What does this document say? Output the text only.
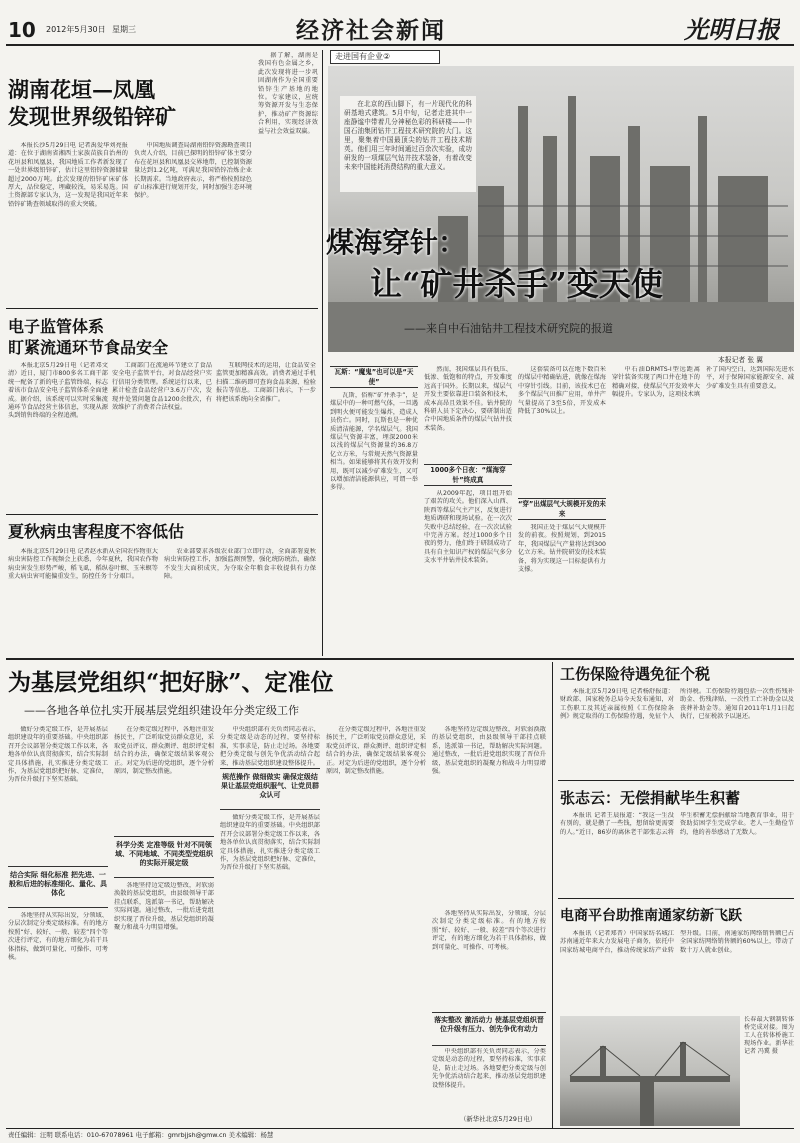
10 2012年5月30日 星期三	经济社会新闻	光明日报
湖南花垣—凤凰
发现世界级铅锌矿

本报长沙5月29日电 记者禹爱华刘亮报道：在位于湖南省湘西土家族苗族自治州的花垣县和凤凰县，我国地质工作者新发现了一处世界级铅锌矿，估计这里铅锌资源储量超过2000万吨。此次发现的铅锌矿床矿体厚大，品位稳定，埋藏较浅，易采易选。国土资源部专家认为，这一发现是我国近年来铅锌矿勘查领域取得的重大突破。

中国地质调查局湖南铅锌资源勘查项目负责人介绍，目前已探明的铅锌矿体主要分布在花垣县和凤凰县交界地带，已控制资源量达到1.2亿吨，可满足我国铅锌冶炼企业长期需求。当地政府表示，将严格按照绿色矿山标准进行规划开发，同时加强生态环境保护。

据了解，湖南是我国有色金属之乡，此次发现将进一步巩固湖南作为全国重要铅锌生产基地的地位。专家建议，应统筹资源开发与生态保护，推动矿产资源综合利用，实现经济效益与社会效益双赢。

电子监管体系
盯紧流通环节食品安全

本报北京5月29日电（记者邓文清）近日，厦门市800多名工商干部统一配备了新的电子监管终端，标志着该市食品安全电子监管体系全面建成。据介绍，该系统可以实时采集流通环节食品经营主体信息，实现从源头到销售终端的全程追溯。

工商部门在流通环节建立了食品安全电子监管平台，对食品经营户实行信用分类管理。系统运行以来，已累计检查食品经营户3.6万户次，发现并处置问题食品1200余批次，有效维护了消费者合法权益。

互联网技术的运用，让食品安全监管更加精准高效。消费者通过手机扫描二维码即可查询食品来源、检验报告等信息。工商部门表示，下一步将把该系统向全省推广。

夏秋病虫害程度不容低估

本报北京5月29日电 记者赵永新从全国农作物重大病虫害防控工作视频会上获悉，今年夏秋，我国农作物病虫害发生形势严峻，稻飞虱、稻纵卷叶螟、玉米螟等重大病虫害可能偏重发生，防控任务十分艰巨。

农业部要求各级农业部门立即行动，全面部署夏秋病虫害防控工作，加强监测预警，强化统防统治，确保不发生大面积成灾，为夺取全年粮食丰收提供有力保障。

走进国有企业②
在北京的西山脚下，有一片现代化的科研基地式建筑。5月中旬，记者走进其中一座静谧中带着几分神秘色彩的科研楼——中国石油集团钻井工程技术研究院的大门。这里，聚集着中国最顶尖的钻井工程技术精英。他们用三年时间通过百余次实验，成功研发的一项煤层气钻井技术装备，有着改变未来中国能耗消费结构的重大意义。
煤海穿针：
让“矿井杀手”变天使
——来自中石油钻井工程技术研究院的报道
本报记者 张 翼
瓦斯：“魔鬼”也可以是“天使”

瓦斯，俗称“矿井杀手”，是煤层中的一种可燃气体，一旦遇到明火便可能发生爆炸，造成人员伤亡。同时，瓦斯也是一种优质清洁能源，学名煤层气。我国煤层气资源丰富，埋深2000米以浅的煤层气资源量约36.8万亿立方米，与常规天然气资源量相当。如果能够将其有效开发利用，既可以减少矿难发生，又可以增加清洁能源供应，可谓一举多得。

然而，我国煤层具有低压、低渗、低饱和的特点，开发难度远高于国外。长期以来，煤层气开发主要依靠进口装备和技术，成本高昂且效果不佳。钻井院的科研人员下定决心，要研制出适合中国地质条件的煤层气钻井技术装备。

1000多个日夜：“煤海穿针”终成真

从2009年起，项目组开始了艰苦的攻关。他们深入山西、陕西等煤层气主产区，反复进行地质调研和现场试验。在一次次失败中总结经验，在一次次试验中完善方案。经过1000多个日夜的努力，他们终于研制成功了具有自主知识产权的煤层气多分支水平井钻井技术装备。

这套装备可以在地下数百米的煤层中精确钻进，就像在煤海中穿针引线。目前，该技术已在多个煤层气田推广应用，单井产气量提高了3至5倍，开发成本降低了30%以上。

“穿”出煤层气大规模开发的未来

我国正处于煤层气大规模开发的前夜。按照规划，到2015年，我国煤层气产量将达到300亿立方米。钻井院研发的技术装备，将为实现这一目标提供有力支撑。

中石油DRMTS-I型远距离穿针装备实现了两口井在地下的精确对接，使煤层气开发效率大幅提升。专家认为，这项技术填补了国内空白，达到国际先进水平，对于保障国家能源安全、减少矿难发生具有重要意义。

为基层党组织“把好脉”、定准位
——各地各单位扎实开展基层党组织建设年分类定级工作

做好分类定级工作，是开展基层组织建设年的重要基础。中央组织部召开会议部署分类定级工作以来，各地各单位认真贯彻落实，结合实际制定具体措施，扎实推进分类定级工作，为基层党组织把好脉、定准位，为晋位升级打下坚实基础。

结合实际 细化标准 把先进、一般和后进的标准细化、量化、具体化

各地坚持从实际出发，分领域、分层次制定分类定级标准。有的地方按照“好、较好、一般、较差”四个等次进行评定，有的地方细化为若干具体指标，做到可量化、可操作、可考核。

在分类定级过程中，各地注重发扬民主，广泛听取党员群众意见，采取党员评议、群众测评、组织评定相结合的办法，确保定级结果客观公正。对定为后进的党组织，逐个分析原因，制定整改措施。

科学分类 定准等级 针对不同领域、不同地域、不同类型党组织的实际开展定级

各地坚持边定级边整改，对软弱涣散的基层党组织，由县级领导干部挂点联系，选派第一书记，帮助解决实际问题。通过整改，一批后进党组织实现了晋位升级，基层党组织的凝聚力和战斗力明显增强。

中央组织部有关负责同志表示，分类定级是动态的过程，要坚持标准，实事求是，防止走过场。各地要把分类定级与创先争优活动结合起来，推动基层党组织建设整体提升。

规范操作 做细做实 确保定级结果让基层党组织服气、让党员群众认可

做好分类定级工作，是开展基层组织建设年的重要基础。中央组织部召开会议部署分类定级工作以来，各地各单位认真贯彻落实，结合实际制定具体措施，扎实推进分类定级工作，为基层党组织把好脉、定准位，为晋位升级打下坚实基础。

在分类定级过程中，各地注重发扬民主，广泛听取党员群众意见，采取党员评议、群众测评、组织评定相结合的办法，确保定级结果客观公正。对定为后进的党组织，逐个分析原因，制定整改措施。

各地坚持边定级边整改，对软弱涣散的基层党组织，由县级领导干部挂点联系，选派第一书记，帮助解决实际问题。通过整改，一批后进党组织实现了晋位升级，基层党组织的凝聚力和战斗力明显增强。

落实整改 激活动力 使基层党组织晋位升级有压力、创先争优有动力

各地坚持从实际出发，分领域、分层次制定分类定级标准。有的地方按照“好、较好、一般、较差”四个等次进行评定，有的地方细化为若干具体指标，做到可量化、可操作、可考核。

中央组织部有关负责同志表示，分类定级是动态的过程，要坚持标准，实事求是，防止走过场。各地要把分类定级与创先争优活动结合起来，推动基层党组织建设整体提升。

（新华社北京5月29日电）
工伤保险待遇免征个税

本报北京5月29日电 记者杨舒报道：财政部、国家税务总局今天发布通知，对工伤职工及其近亲属按照《工伤保险条例》规定取得的工伤保险待遇，免征个人所得税。工伤保险待遇包括一次性伤残补助金、伤残津贴、一次性工亡补助金以及丧葬补助金等。通知自2011年1月1日起执行，已征税款予以退还。

张志云：无偿捐献毕生积蓄

本报讯 记者王晨报道：“我这一生没有别的，就是攒了一些钱，想留给更需要的人。”近日，86岁的离休老干部张志云将毕生积蓄无偿捐献给当地教育事业，用于资助贫困学生完成学业。老人一生勤俭节约，他的善举感动了无数人。

电商平台助推南通家纺新飞跃

本报讯（记者郑晋）中国家纺名城江苏南通近年来大力发展电子商务，依托中国家纺城电商平台，推动传统家纺产业转型升级。目前，南通家纺网络销售额已占全国家纺网络销售额的60%以上，带动了数十万人就业创业。

长春最大钢制转体桥完成对接。图为工人在转体桥施工现场作业。新华社记者 冯冀 摄

责任编辑：汪明 联系电话：010-67078961 电子邮箱：gmrbjjsh@gmw.cn 美术编辑：杨慧
